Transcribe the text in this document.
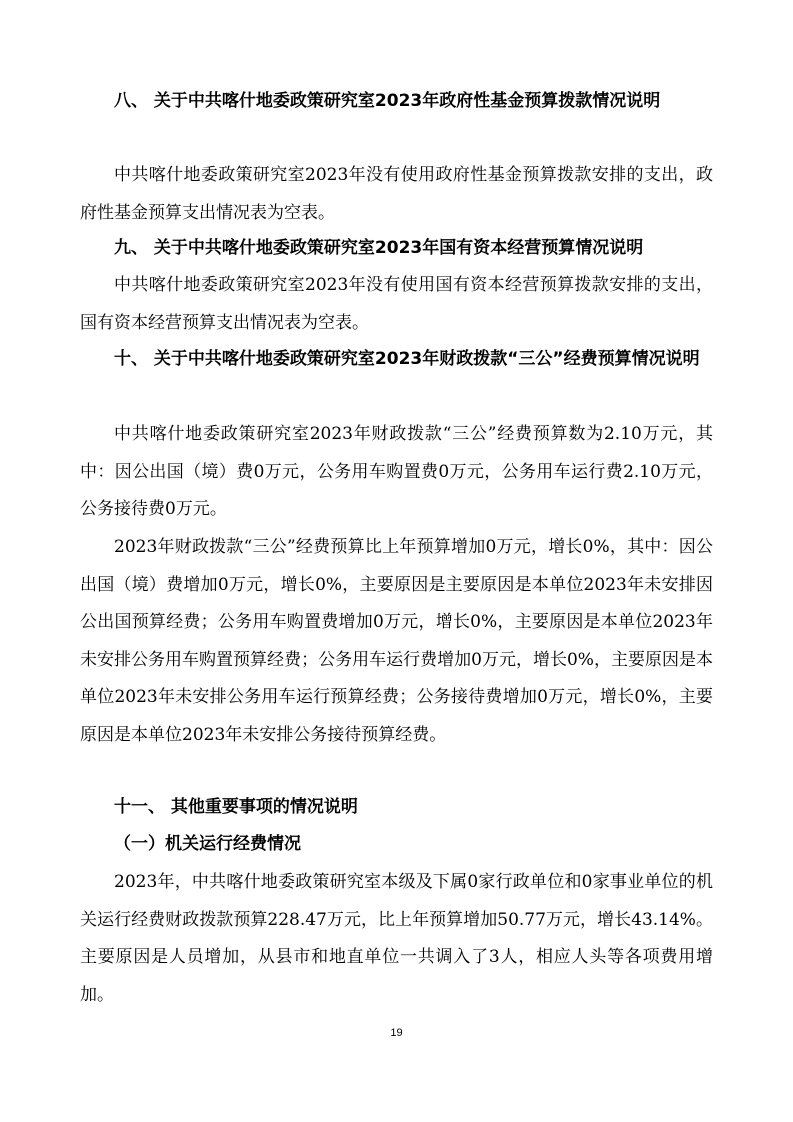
八、 关于中共喀什地委政策研究室2023年政府性基金预算拨款情况说明

中共喀什地委政策研究室2023年没有使用政府性基金预算拨款安排的支出，政府性基金预算支出情况表为空表。

九、 关于中共喀什地委政策研究室2023年国有资本经营预算情况说明

中共喀什地委政策研究室2023年没有使用国有资本经营预算拨款安排的支出，国有资本经营预算支出情况表为空表。

十、 关于中共喀什地委政策研究室2023年财政拨款“三公”经费预算情况说明

中共喀什地委政策研究室2023年财政拨款“三公”经费预算数为2.10万元，其中：因公出国（境）费0万元，公务用车购置费0万元，公务用车运行费2.10万元，公务接待费0万元。

2023年财政拨款“三公”经费预算比上年预算增加0万元，增长0%，其中：因公出国（境）费增加0万元，增长0%，主要原因是主要原因是本单位2023年未安排因公出国预算经费；公务用车购置费增加0万元，增长0%，主要原因是本单位2023年未安排公务用车购置预算经费；公务用车运行费增加0万元，增长0%，主要原因是本单位2023年未安排公务用车运行预算经费；公务接待费增加0万元，增长0%，主要原因是本单位2023年未安排公务接待预算经费。

十一、 其他重要事项的情况说明

（一）机关运行经费情况

2023年，中共喀什地委政策研究室本级及下属0家行政单位和0家事业单位的机关运行经费财政拨款预算228.47万元，比上年预算增加50.77万元，增长43.14%。主要原因是人员增加，从县市和地直单位一共调入了3人，相应人头等各项费用增加。

19
